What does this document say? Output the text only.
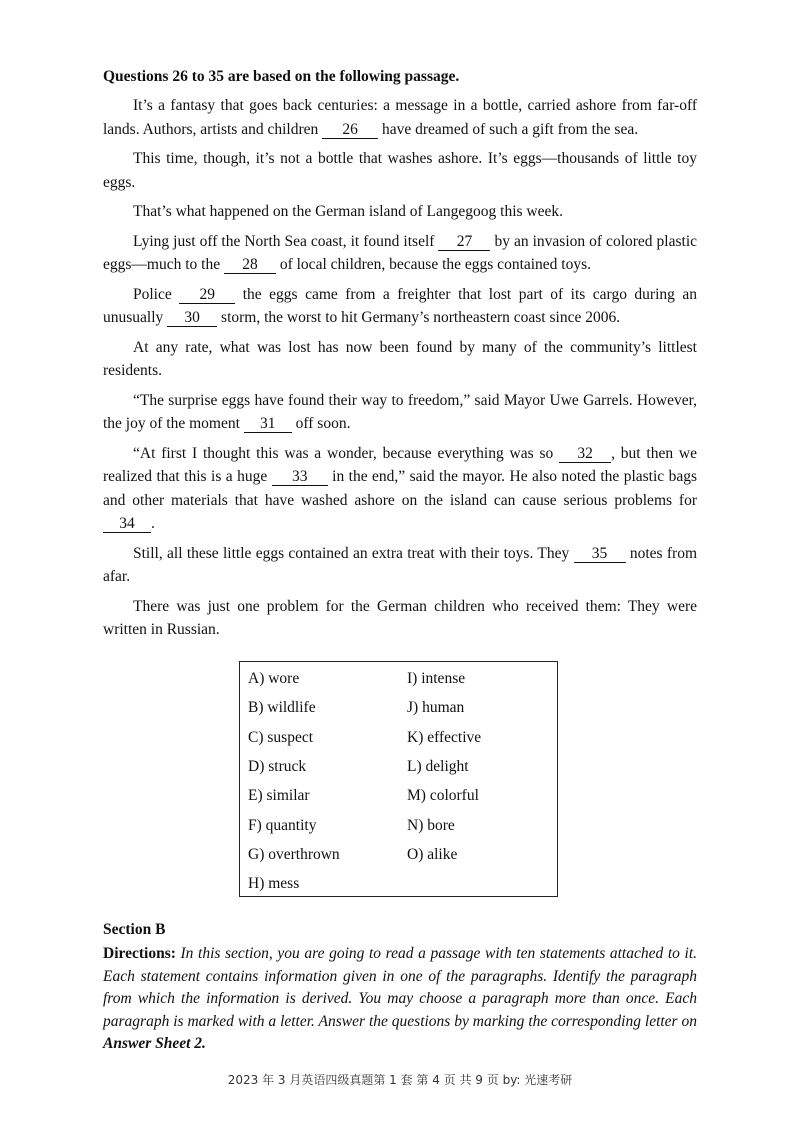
Questions 26 to 35 are based on the following passage.

It’s a fantasy that goes back centuries: a message in a bottle, carried ashore from far-off lands. Authors, artists and children 26 have dreamed of such a gift from the sea.

This time, though, it’s not a bottle that washes ashore. It’s eggs—thousands of little toy eggs.

That’s what happened on the German island of Langegoog this week.

Lying just off the North Sea coast, it found itself 27 by an invasion of colored plastic eggs—much to the 28 of local children, because the eggs contained toys.

Police 29 the eggs came from a freighter that lost part of its cargo during an unusually 30 storm, the worst to hit Germany’s northeastern coast since 2006.

At any rate, what was lost has now been found by many of the community’s littlest residents.

“The surprise eggs have found their way to freedom,” said Mayor Uwe Garrels. However, the joy of the moment 31 off soon.

“At first I thought this was a wonder, because everything was so 32 , but then we realized that this is a huge 33 in the end,” said the mayor. He also noted the plastic bags and other materials that have washed ashore on the island can cause serious problems for 34 .

Still, all these little eggs contained an extra treat with their toys. They 35 notes from afar.

There was just one problem for the German children who received them: They were written in Russian.

A) wore
B) wildlife
C) suspect
D) struck
E) similar
F) quantity
G) overthrown
H) mess
I) intense
J) human
K) effective
L) delight
M) colorful
N) bore
O) alike

Section B

Directions: In this section, you are going to read a passage with ten statements attached to it. Each statement contains information given in one of the paragraphs. Identify the paragraph from which the information is derived. You may choose a paragraph more than once. Each paragraph is marked with a letter. Answer the questions by marking the corresponding letter on Answer Sheet 2.

2023 年 3 月英语四级真题第 1 套 第 4 页 共 9 页 by: 光速考研
